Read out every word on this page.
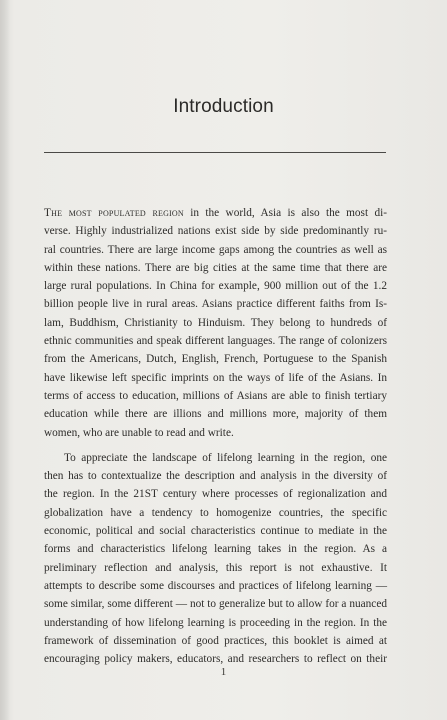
Introduction
The most populated region in the world, Asia is also the most di-
verse. Highly industrialized nations exist side by side predominantly ru-
ral countries. There are large income gaps among the countries as well as
within these nations. There are big cities at the same time that there are
large rural populations. In China for example, 900 million out of the 1.2
billion people live in rural areas. Asians practice different faiths from Is-
lam, Buddhism, Christianity to Hinduism. They belong to hundreds of
ethnic communities and speak different languages. The range of colonizers
from the Americans, Dutch, English, French, Portuguese to the Spanish
have likewise left specific imprints on the ways of life of the Asians. In
terms of access to education, millions of Asians are able to finish tertiary
education while there are illions and millions more, majority of them
women, who are unable to read and write.
To appreciate the landscape of lifelong learning in the region, one
then has to contextualize the description and analysis in the diversity of
the region. In the 21ST century where processes of regionalization and
globalization have a tendency to homogenize countries, the specific
economic, political and social characteristics continue to mediate in the
forms and characteristics lifelong learning takes in the region. As a
preliminary reflection and analysis, this report is not exhaustive. It
attempts to describe some discourses and practices of lifelong learning —
some similar, some different — not to generalize but to allow for a nuanced
understanding of how lifelong learning is proceeding in the region. In the
framework of dissemination of good practices, this booklet is aimed at
encouraging policy makers, educators, and researchers to reflect on their
1
